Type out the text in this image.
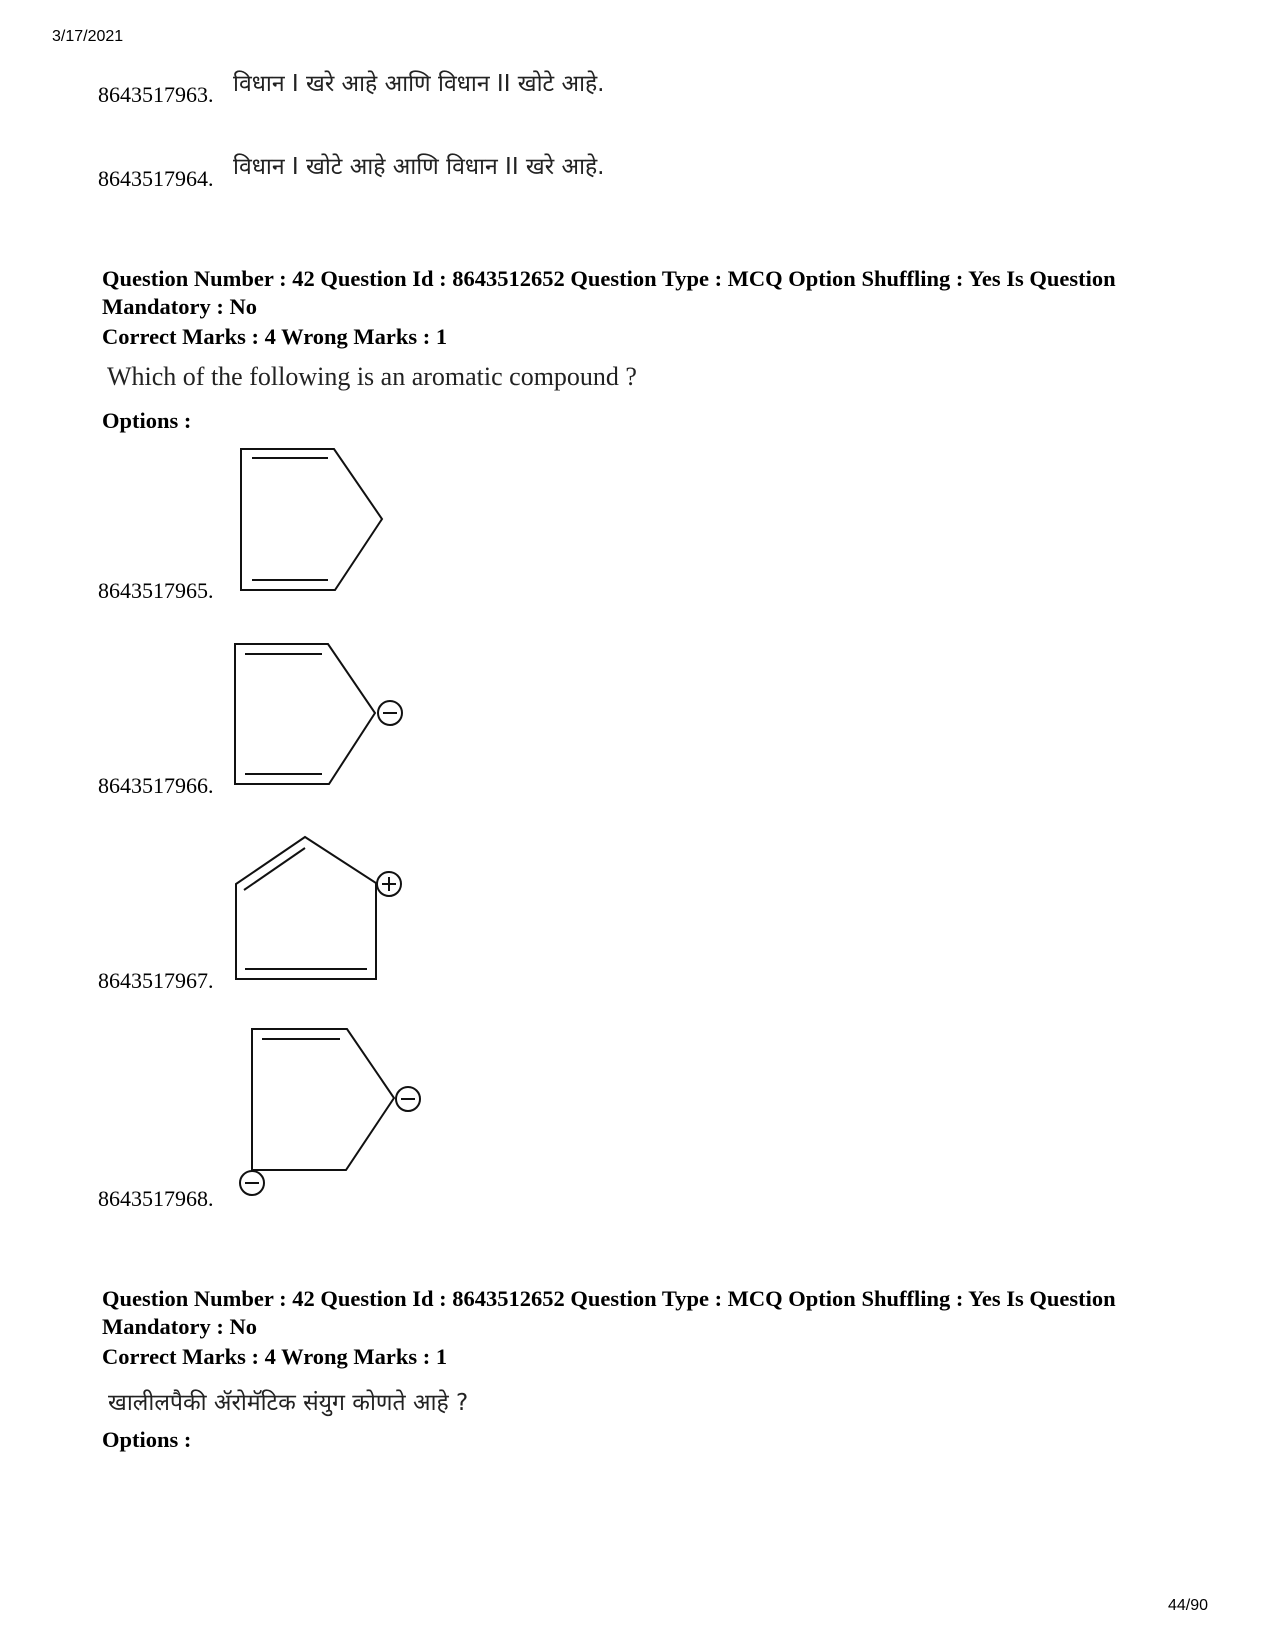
3/17/2021
8643517963. विधान I खरे आहे आणि विधान II खोटे आहे.
8643517964. विधान I खोटे आहे आणि विधान II खरे आहे.
Question Number : 42 Question Id : 8643512652 Question Type : MCQ Option Shuffling : Yes Is Question Mandatory : No
Correct Marks : 4 Wrong Marks : 1
Which of the following is an aromatic compound ?
Options :
8643517965.
8643517966.
8643517967.
8643517968.
Question Number : 42 Question Id : 8643512652 Question Type : MCQ Option Shuffling : Yes Is Question Mandatory : No
Correct Marks : 4 Wrong Marks : 1
खालीलपैकी ॲरोमॅटिक संयुग कोणते आहे ?
Options :
44/90
